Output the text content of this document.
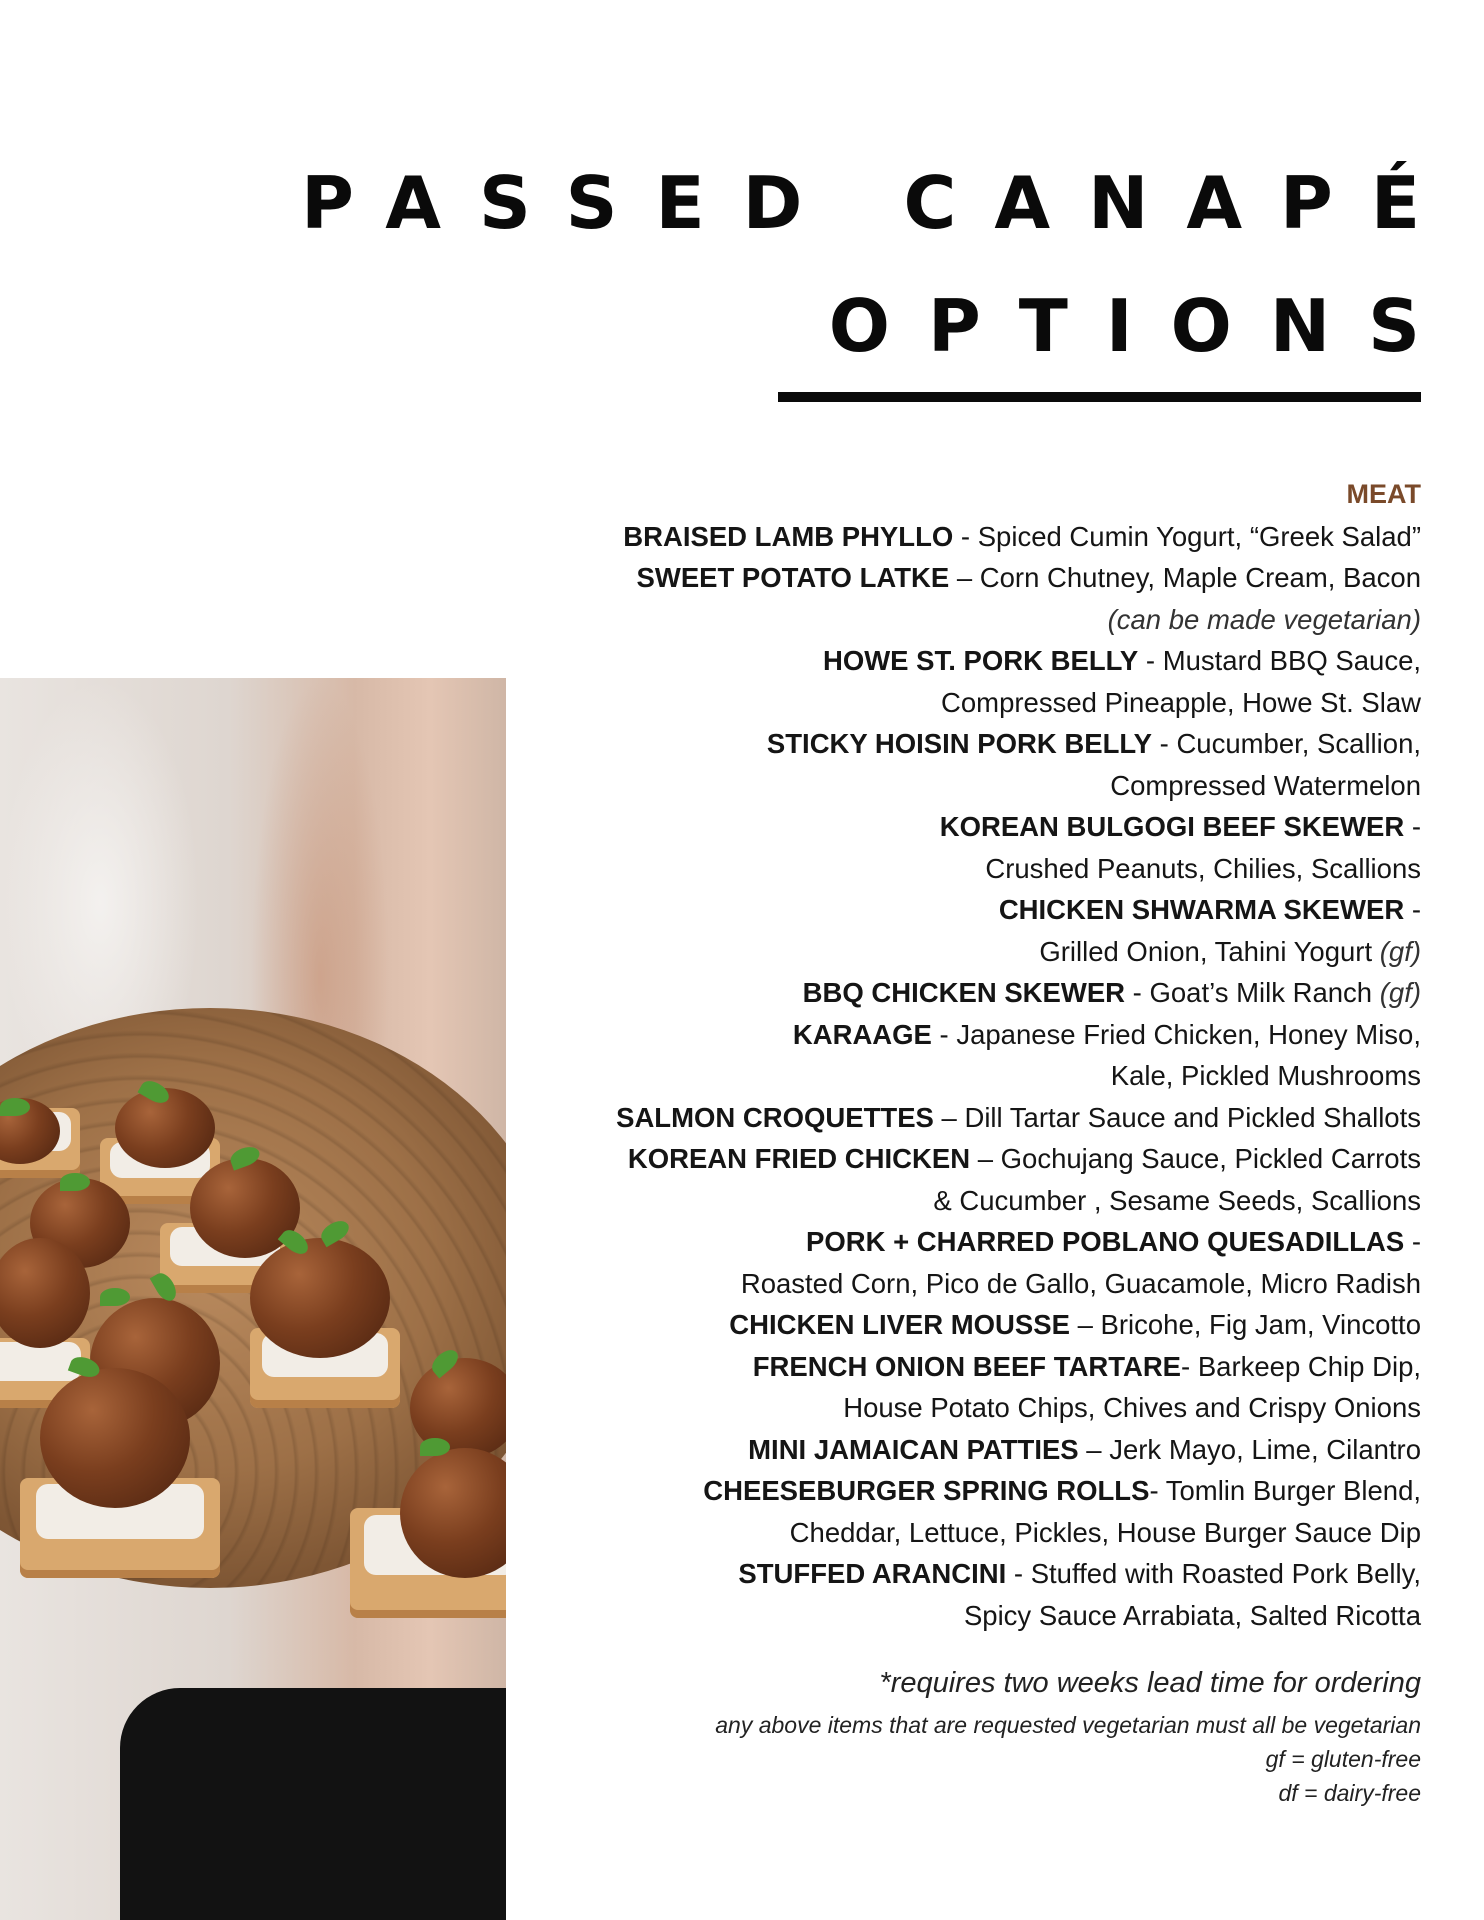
PASSED CANAPÉ
OPTIONS
MEAT
BRAISED LAMB PHYLLO - Spiced Cumin Yogurt, “Greek Salad”
SWEET POTATO LATKE – Corn Chutney, Maple Cream, Bacon
(can be made vegetarian)
HOWE ST. PORK BELLY - Mustard BBQ Sauce,
Compressed Pineapple, Howe St. Slaw
STICKY HOISIN PORK BELLY - Cucumber, Scallion,
Compressed Watermelon
KOREAN BULGOGI BEEF SKEWER -
Crushed Peanuts, Chilies, Scallions
CHICKEN SHWARMA SKEWER -
Grilled Onion, Tahini Yogurt (gf)
BBQ CHICKEN SKEWER - Goat’s Milk Ranch (gf)
KARAAGE - Japanese Fried Chicken, Honey Miso,
Kale, Pickled Mushrooms
SALMON CROQUETTES – Dill Tartar Sauce and Pickled Shallots
KOREAN FRIED CHICKEN – Gochujang Sauce, Pickled Carrots
& Cucumber , Sesame Seeds, Scallions
PORK + CHARRED POBLANO QUESADILLAS -
Roasted Corn, Pico de Gallo, Guacamole, Micro Radish
CHICKEN LIVER MOUSSE – Bricohe, Fig Jam, Vincotto
FRENCH ONION BEEF TARTARE- Barkeep Chip Dip,
House Potato Chips, Chives and Crispy Onions
MINI JAMAICAN PATTIES – Jerk Mayo, Lime, Cilantro
CHEESEBURGER SPRING ROLLS- Tomlin Burger Blend,
Cheddar, Lettuce, Pickles, House Burger Sauce Dip
STUFFED ARANCINI - Stuffed with Roasted Pork Belly,
Spicy Sauce Arrabiata, Salted Ricotta
*requires two weeks lead time for ordering
any above items that are requested vegetarian must all be vegetarian
gf = gluten-free
df = dairy-free
